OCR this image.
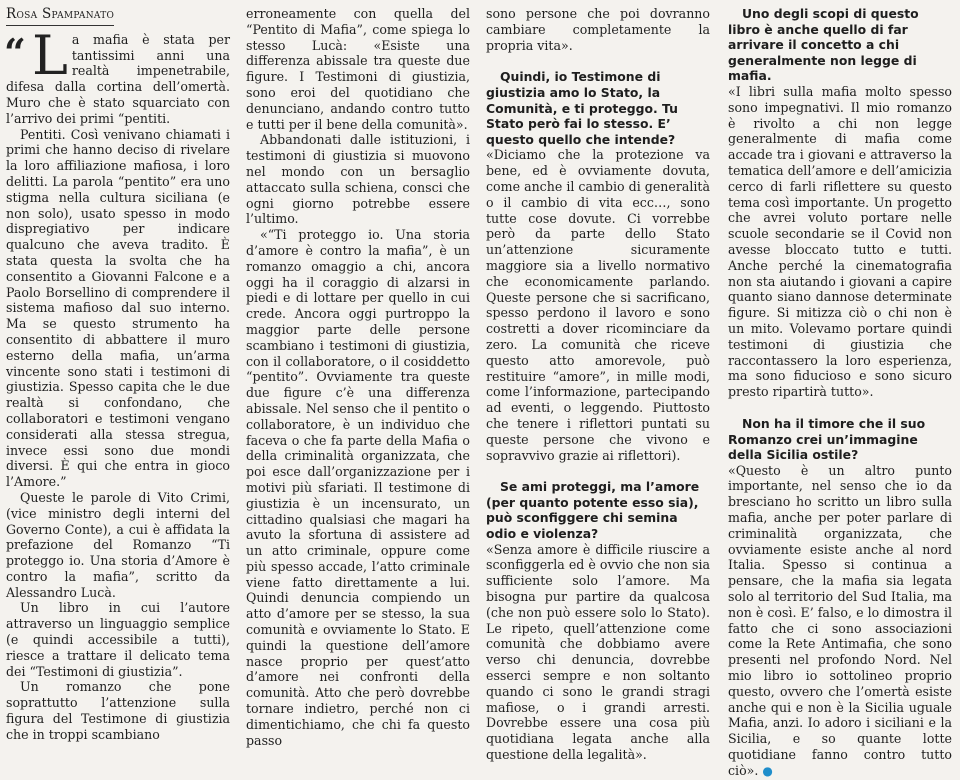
Rosa Spampanato
“ L a mafia è stata per tantissimi anni una realtà impenetrabile, difesa dalla cortina dell’omertà. Muro che è stato squarciato con l’arrivo dei primi “pentiti.

Pentiti. Così venivano chiamati i primi che hanno deciso di rivelare la loro affiliazione mafiosa, i loro delitti. La parola “pentito” era uno stigma nella cultura siciliana (e non solo), usato spesso in modo dispregiativo per indicare qualcuno che aveva tradito. È stata questa la svolta che ha consentito a Giovanni Falcone e a Paolo Borsellino di comprendere il sistema mafioso dal suo interno. Ma se questo strumento ha consentito di abbattere il muro esterno della mafia, un’arma vincente sono stati i testimoni di giustizia. Spesso capita che le due realtà si confondano, che collaboratori e testimoni vengano considerati alla stessa stregua, invece essi sono due mondi diversi. È qui che entra in gioco l’Amore.”

Queste le parole di Vito Crimi, (vice ministro degli interni del Governo Conte), a cui è affidata la prefazione del Romanzo “Ti proteggo io. Una storia d’Amore è contro la mafia”, scritto da Alessandro Lucà.

Un libro in cui l’autore attraverso un linguaggio semplice (e quindi accessibile a tutti), riesce a trattare il delicato tema dei “Testimoni di giustizia”.

Un romanzo che pone soprattutto l’attenzione sulla figura del Testimone di giustizia che in troppi scambiano

erroneamente con quella del “Pentito di Mafia”, come spiega lo stesso Lucà: «Esiste una differenza abissale tra queste due figure. I Testimoni di giustizia, sono eroi del quotidiano che denunciano, andando contro tutto e tutti per il bene della comunità».

Abbandonati dalle istituzioni, i testimoni di giustizia si muovono nel mondo con un bersaglio attaccato sulla schiena, consci che ogni giorno potrebbe essere l’ultimo.

«“Ti proteggo io. Una storia d’amore è contro la mafia”, è un romanzo omaggio a chi, ancora oggi ha il coraggio di alzarsi in piedi e di lottare per quello in cui crede. Ancora oggi purtroppo la maggior parte delle persone scambiano i testimoni di giustizia, con il collaboratore, o il cosiddetto “pentito”. Ovviamente tra queste due figure c’è una differenza abissale. Nel senso che il pentito o collaboratore, è un individuo che faceva o che fa parte della Mafia o della criminalità organizzata, che poi esce dall’organizzazione per i motivi più sfariati. Il testimone di giustizia è un incensurato, un cittadino qualsiasi che magari ha avuto la sfortuna di assistere ad un atto criminale, oppure come più spesso accade, l’atto criminale viene fatto direttamente a lui. Quindi denuncia compiendo un atto d’amore per se stesso, la sua comunità e ovviamente lo Stato. E quindi la questione dell’amore nasce proprio per quest’atto d’amore nei confronti della comunità. Atto che però dovrebbe tornare indietro, perché non ci dimentichiamo, che chi fa questo passo

sono persone che poi dovranno cambiare completamente la propria vita».

Quindi, io Testimone di giustizia amo lo Stato, la Comunità, e ti proteggo. Tu Stato però fai lo stesso. E’ questo quello che intende?

«Diciamo che la protezione va bene, ed è ovviamente dovuta, come anche il cambio di generalità o il cambio di vita ecc…, sono tutte cose dovute. Ci vorrebbe però da parte dello Stato un’attenzione sicuramente maggiore sia a livello normativo che economicamente parlando. Queste persone che si sacrificano, spesso perdono il lavoro e sono costretti a dover ricominciare da zero. La comunità che riceve questo atto amorevole, può restituire “amore”, in mille modi, come l’informazione, partecipando ad eventi, o leggendo. Piuttosto che tenere i riflettori puntati su queste persone che vivono e sopravvivo grazie ai riflettori).

Se ami proteggi, ma l’amore (per quanto potente esso sia), può sconfiggere chi semina odio e violenza?

«Senza amore è difficile riuscire a sconfiggerla ed è ovvio che non sia sufficiente solo l’amore. Ma bisogna pur partire da qualcosa (che non può essere solo lo Stato). Le ripeto, quell’attenzione come comunità che dobbiamo avere verso chi denuncia, dovrebbe esserci sempre e non soltanto quando ci sono le grandi stragi mafiose, o i grandi arresti. Dovrebbe essere una cosa più quotidiana legata anche alla questione della legalità».

Uno degli scopi di questo libro è anche quello di far arrivare il concetto a chi generalmente non legge di mafia.

«I libri sulla mafia molto spesso sono impegnativi. Il mio romanzo è rivolto a chi non legge generalmente di mafia come accade tra i giovani e attraverso la tematica dell’amore e dell’amicizia cerco di farli riflettere su questo tema così importante. Un progetto che avrei voluto portare nelle scuole secondarie se il Covid non avesse bloccato tutto e tutti. Anche perché la cinematografia non sta aiutando i giovani a capire quanto siano dannose determinate figure. Si mitizza ciò o chi non è un mito. Volevamo portare quindi testimoni di giustizia che raccontassero la loro esperienza, ma sono fiducioso e sono sicuro presto ripartirà tutto».

Non ha il timore che il suo Romanzo crei un’immagine della Sicilia ostile?

«Questo è un altro punto importante, nel senso che io da bresciano ho scritto un libro sulla mafia, anche per poter parlare di criminalità organizzata, che ovviamente esiste anche al nord Italia. Spesso si continua a pensare, che la mafia sia legata solo al territorio del Sud Italia, ma non è così. E’ falso, e lo dimostra il fatto che ci sono associazioni come la Rete Antimafia, che sono presenti nel profondo Nord. Nel mio libro io sottolineo proprio questo, ovvero che l’omertà esiste anche qui e non è la Sicilia uguale Mafia, anzi. Io adoro i siciliani e la Sicilia, e so quante lotte quotidiane fanno contro tutto ciò». ●
